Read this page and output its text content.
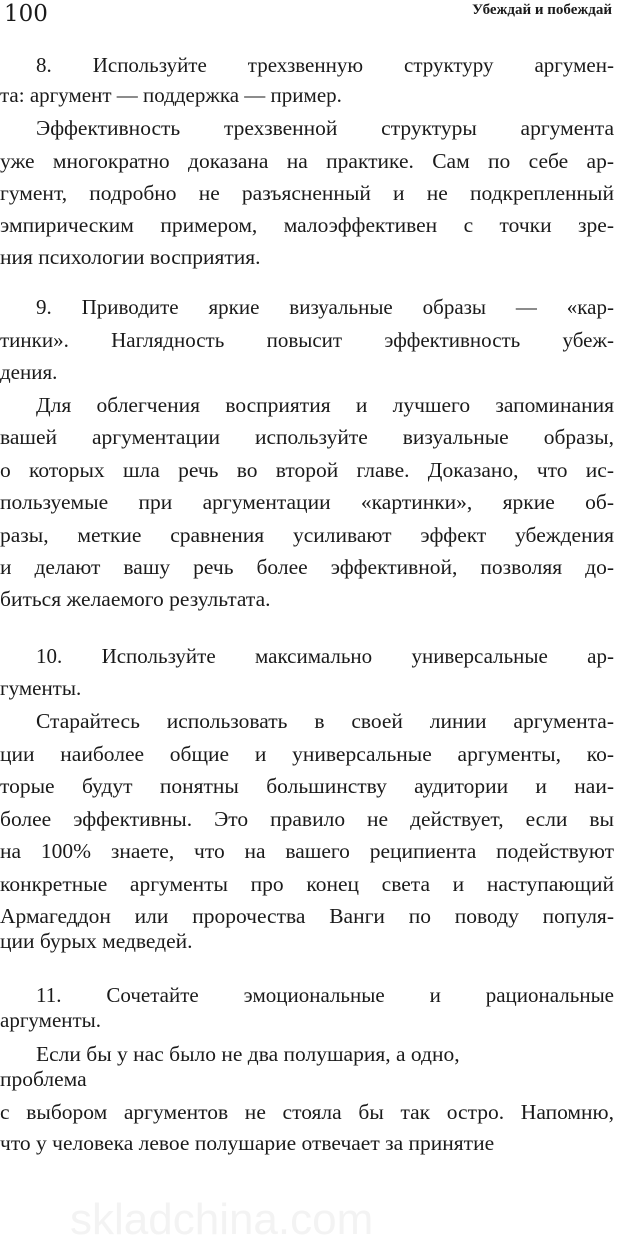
100	Убеждай и побеждай
8. Используйте трехзвенную структуру аргумен-
та: аргумент — поддержка — пример.
Эффективность трехзвенной структуры аргумента
уже многократно доказана на практике. Сам по себе ар-
гумент, подробно не разъясненный и не подкрепленный
эмпирическим примером, малоэффективен с точки зре-
ния психологии восприятия.
9. Приводите яркие визуальные образы — «кар-
тинки». Наглядность повысит эффективность убеж-
дения.
Для облегчения восприятия и лучшего запоминания
вашей аргументации используйте визуальные образы,
о которых шла речь во второй главе. Доказано, что ис-
пользуемые при аргументации «картинки», яркие об-
разы, меткие сравнения усиливают эффект убеждения
и делают вашу речь более эффективной, позволяя до-
биться желаемого результата.
10. Используйте максимально универсальные ар-
гументы.
Старайтесь использовать в своей линии аргумента-
ции наиболее общие и универсальные аргументы, ко-
торые будут понятны большинству аудитории и наи-
более эффективны. Это правило не действует, если вы
на 100% знаете, что на вашего реципиента подействуют
конкретные аргументы про конец света и наступающий
Армагеддон или пророчества Ванги по поводу популя-
ции бурых медведей.
11. Сочетайте эмоциональные и рациональные
аргументы.
Если бы у нас было не два полушария, а одно,
проблема
с выбором аргументов не стояла бы так остро. Напомню,
что у человека левое полушарие отвечает за принятие
skladchina.com
